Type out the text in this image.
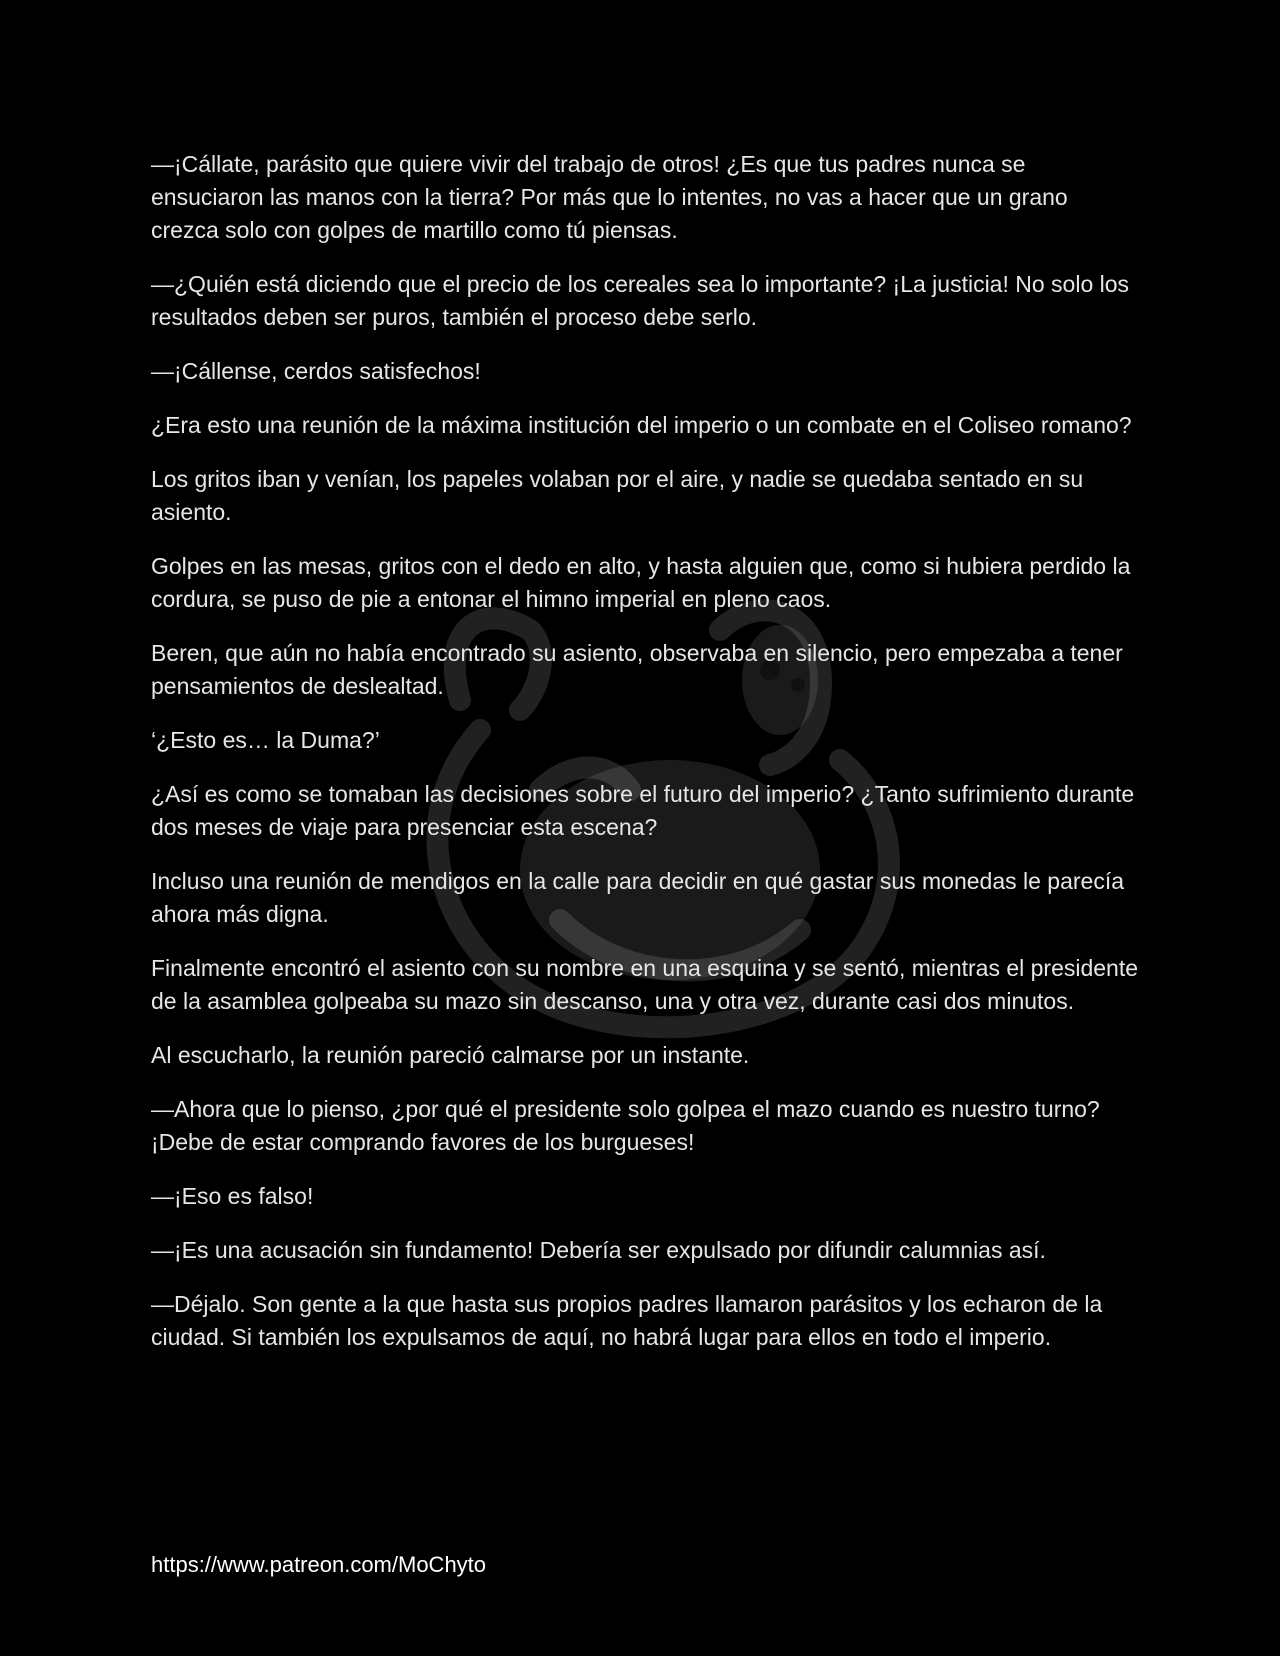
—¡Cállate, parásito que quiere vivir del trabajo de otros! ¿Es que tus padres nunca se ensuciaron las manos con la tierra? Por más que lo intentes, no vas a hacer que un grano crezca solo con golpes de martillo como tú piensas.

—¿Quién está diciendo que el precio de los cereales sea lo importante? ¡La justicia! No solo los resultados deben ser puros, también el proceso debe serlo.

—¡Cállense, cerdos satisfechos!

¿Era esto una reunión de la máxima institución del imperio o un combate en el Coliseo romano?

Los gritos iban y venían, los papeles volaban por el aire, y nadie se quedaba sentado en su asiento.

Golpes en las mesas, gritos con el dedo en alto, y hasta alguien que, como si hubiera perdido la cordura, se puso de pie a entonar el himno imperial en pleno caos.

Beren, que aún no había encontrado su asiento, observaba en silencio, pero empezaba a tener pensamientos de deslealtad.

‘¿Esto es… la Duma?’

¿Así es como se tomaban las decisiones sobre el futuro del imperio? ¿Tanto sufrimiento durante dos meses de viaje para presenciar esta escena?

Incluso una reunión de mendigos en la calle para decidir en qué gastar sus monedas le parecía ahora más digna.

Finalmente encontró el asiento con su nombre en una esquina y se sentó, mientras el presidente de la asamblea golpeaba su mazo sin descanso, una y otra vez, durante casi dos minutos.

Al escucharlo, la reunión pareció calmarse por un instante.

—Ahora que lo pienso, ¿por qué el presidente solo golpea el mazo cuando es nuestro turno? ¡Debe de estar comprando favores de los burgueses!

—¡Eso es falso!

—¡Es una acusación sin fundamento! Debería ser expulsado por difundir calumnias así.

—Déjalo. Son gente a la que hasta sus propios padres llamaron parásitos y los echaron de la ciudad. Si también los expulsamos de aquí, no habrá lugar para ellos en todo el imperio.

https://www.patreon.com/MoChyto
